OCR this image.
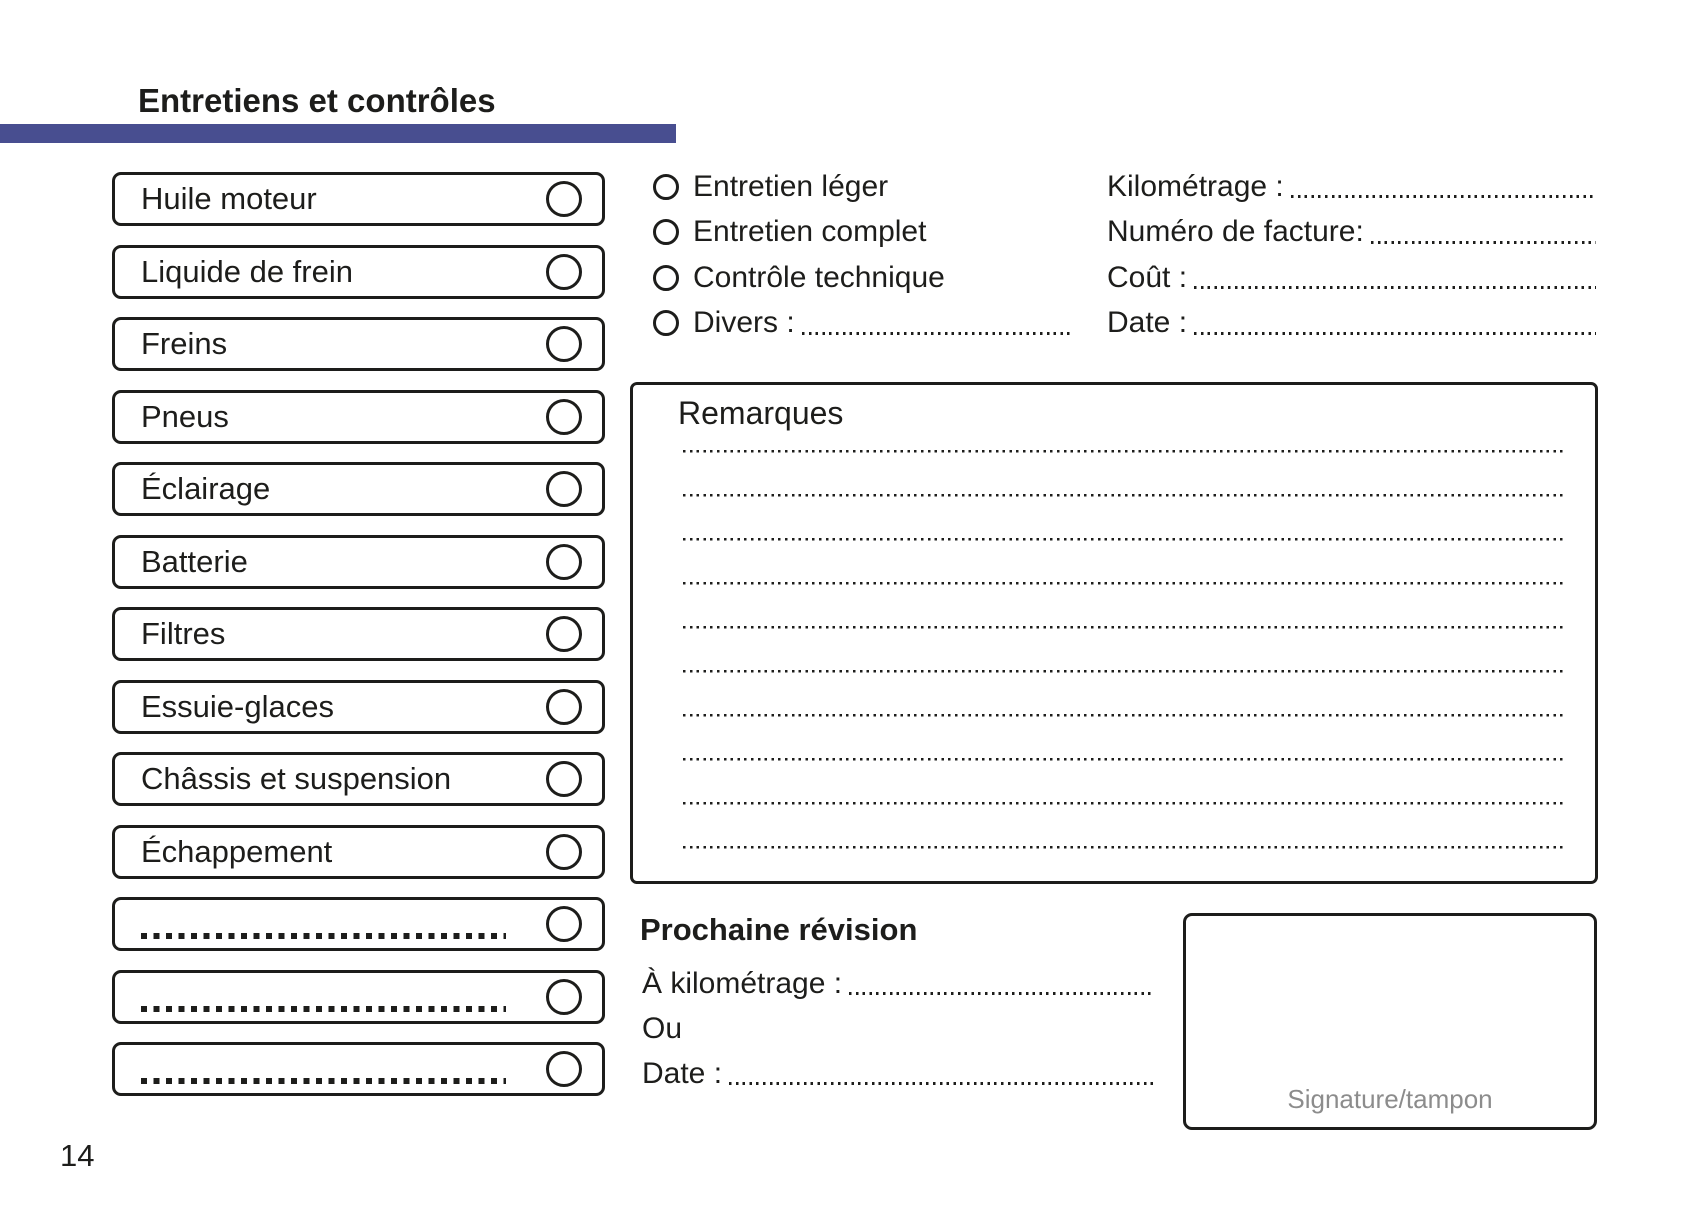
Entretiens et contrôles
Huile moteur
Liquide de frein
Freins
Pneus
Éclairage
Batterie
Filtres
Essuie-glaces
Châssis et suspension
Échappement
Entretien léger
Entretien complet
Contrôle technique
Divers :
Kilométrage :
Numéro de facture:
Coût :
Date :
Remarques
Prochaine révision
À kilométrage :
Ou
Date :
Signature/tampon
14
